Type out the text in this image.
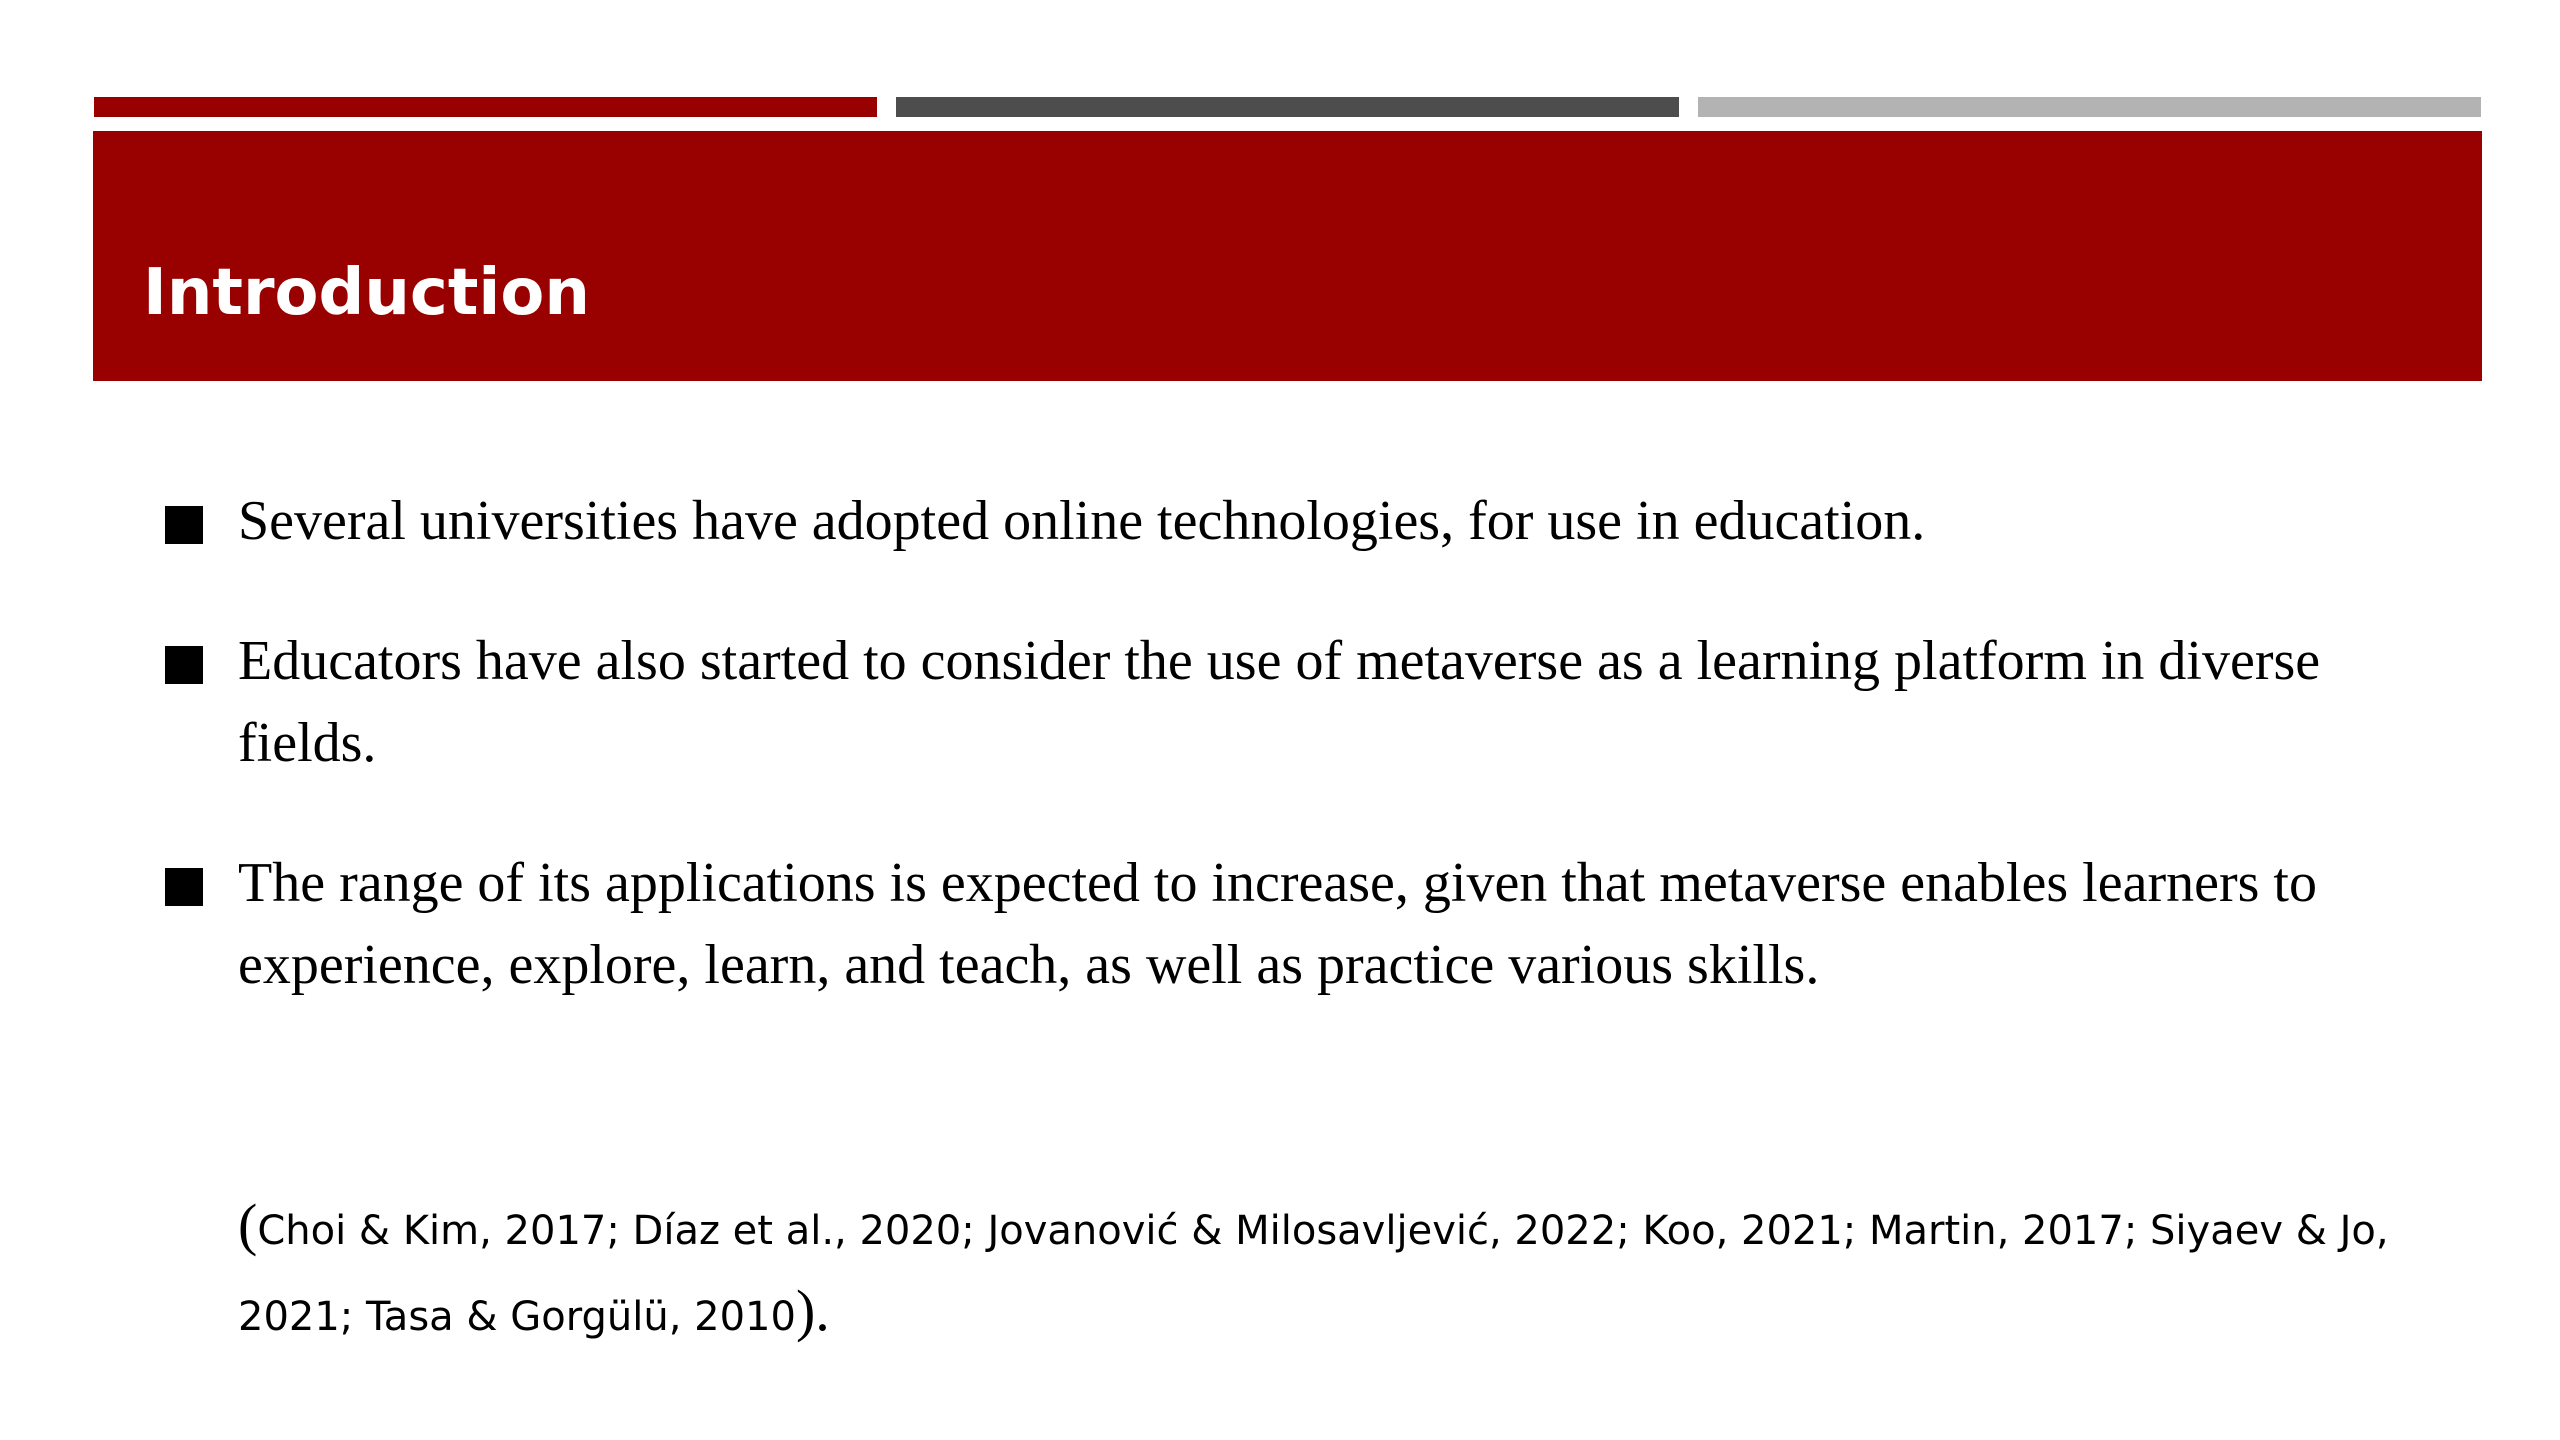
Introduction
Several universities have adopted online technologies, for use in education.
Educators have also started to consider the use of metaverse as a learning platform in diverse fields.
The range of its applications is expected to increase, given that metaverse enables learners to experience, explore, learn, and teach, as well as practice various skills.

(Choi & Kim, 2017; Díaz et al., 2020; Jovanović & Milosavljević, 2022; Koo, 2021; Martin, 2017; Siyaev & Jo, 2021; Tasa & Gorgülü, 2010).
